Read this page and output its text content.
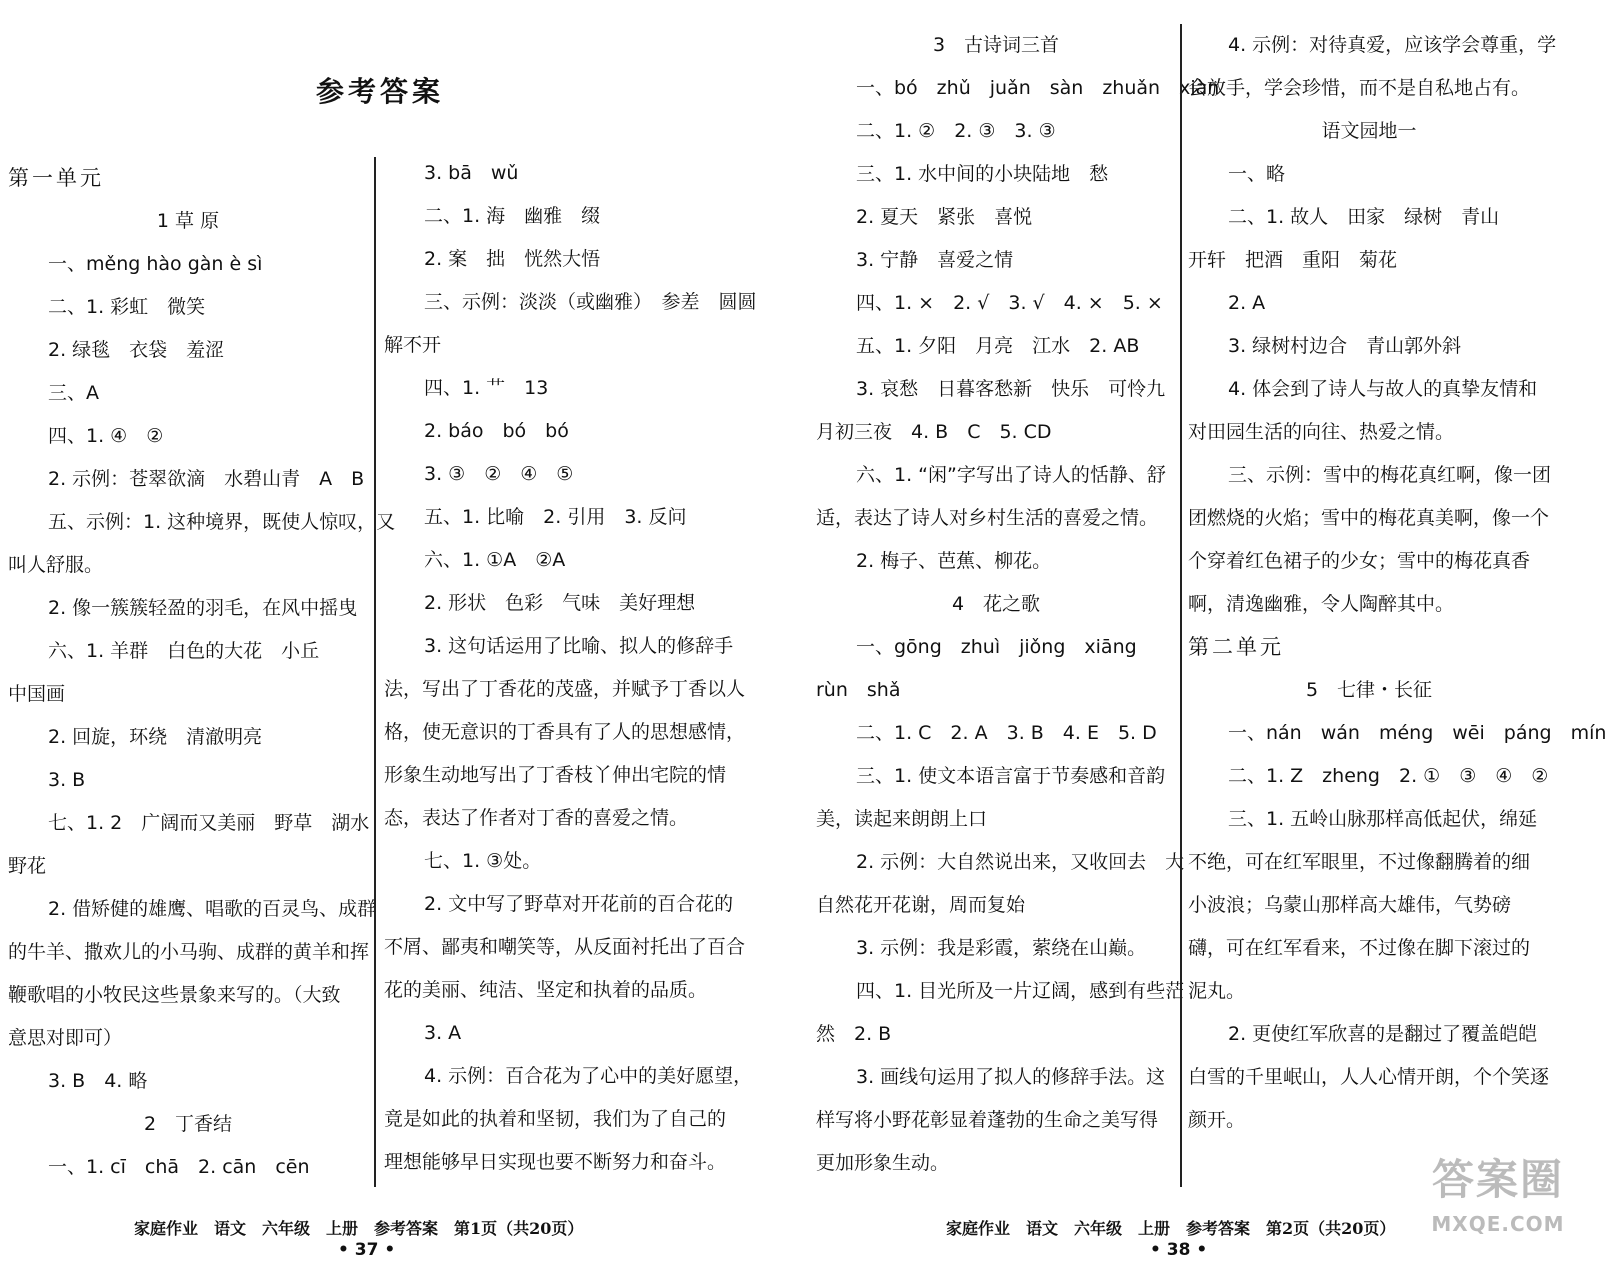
参考答案

第一单元

1 草 原

一、měng hào gàn è sì

二、1. 彩虹　微笑

2. 绿毯　衣袋　羞涩

三、A

四、1. ④　②

2. 示例：苍翠欲滴　水碧山青　A　B

五、示例：1. 这种境界，既使人惊叹，又

叫人舒服。

2. 像一簇簇轻盈的羽毛，在风中摇曳

六、1. 羊群　白色的大花　小丘

中国画

2. 回旋，环绕　清澈明亮

3. B

七、1. 2　广阔而又美丽　野草　湖水

野花

2. 借矫健的雄鹰、唱歌的百灵鸟、成群

的牛羊、撒欢儿的小马驹、成群的黄羊和挥

鞭歌唱的小牧民这些景象来写的。（大致

意思对即可）

3. B　4. 略

2　丁香结

一、1. cī　chā　2. cān　cēn

3. bā　wǔ

二、1. 海　幽雅　缀

2. 案　拙　恍然大悟

三、示例：淡淡（或幽雅）　参差　圆圆

解不开

四、1. 艹　13

2. báo　bó　bó

3. ③　②　④　⑤

五、1. 比喻　2. 引用　3. 反问

六、1. ①A　②A

2. 形状　色彩　气味　美好理想

3. 这句话运用了比喻、拟人的修辞手

法，写出了丁香花的茂盛，并赋予丁香以人

格，使无意识的丁香具有了人的思想感情，

形象生动地写出了丁香枝丫伸出宅院的情

态，表达了作者对丁香的喜爱之情。

七、1. ③处。

2. 文中写了野草对开花前的百合花的

不屑、鄙夷和嘲笑等，从反面衬托出了百合

花的美丽、纯洁、坚定和执着的品质。

3. A

4. 示例：百合花为了心中的美好愿望，

竟是如此的执着和坚韧，我们为了自己的

理想能够早日实现也要不断努力和奋斗。

3　古诗词三首

一、bó　zhǔ　juǎn　sàn　zhuǎn　xiàn

二、1. ②　2. ③　3. ③

三、1. 水中间的小块陆地　愁

2. 夏天　紧张　喜悦

3. 宁静　喜爱之情

四、1. ×　2. √　3. √　4. ×　5. ×

五、1. 夕阳　月亮　江水　2. AB

3. 哀愁　日暮客愁新　快乐　可怜九

月初三夜　4. B　C　5. CD

六、1. “闲”字写出了诗人的恬静、舒

适，表达了诗人对乡村生活的喜爱之情。

2. 梅子、芭蕉、柳花。

4　花之歌

一、gōng　zhuì　jiǒng　xiāng

rùn　shǎ

二、1. C　2. A　3. B　4. E　5. D

三、1. 使文本语言富于节奏感和音韵

美，读起来朗朗上口

2. 示例：大自然说出来，又收回去　大

自然花开花谢，周而复始

3. 示例：我是彩霞，萦绕在山巅。

四、1. 目光所及一片辽阔，感到有些茫

然　2. B

3. 画线句运用了拟人的修辞手法。这

样写将小野花彰显着蓬勃的生命之美写得

更加形象生动。

4. 示例：对待真爱，应该学会尊重，学

会放手，学会珍惜，而不是自私地占有。

语文园地一

一、略

二、1. 故人　田家　绿树　青山

开轩　把酒　重阳　菊花

2. A

3. 绿树村边合　青山郭外斜

4. 体会到了诗人与故人的真挚友情和

对田园生活的向往、热爱之情。

三、示例：雪中的梅花真红啊，像一团

团燃烧的火焰；雪中的梅花真美啊，像一个

个穿着红色裙子的少女；雪中的梅花真香

啊，清逸幽雅，令人陶醉其中。

第二单元

5　七律・长征

一、nán　wán　méng　wēi　páng　mín

二、1. Z　zheng　2. ①　③　④　②

三、1. 五岭山脉那样高低起伏，绵延

不绝，可在红军眼里，不过像翻腾着的细

小波浪；乌蒙山那样高大雄伟，气势磅

礴，可在红军看来，不过像在脚下滚过的

泥丸。

2. 更使红军欣喜的是翻过了覆盖皑皑

白雪的千里岷山，人人心情开朗，个个笑逐

颜开。

家庭作业　语文　六年级　上册　参考答案　第1页（共20页）	家庭作业　语文　六年级　上册　参考答案　第2页（共20页）
• 37 •	• 38 •
答案圈
MXQE.COM
